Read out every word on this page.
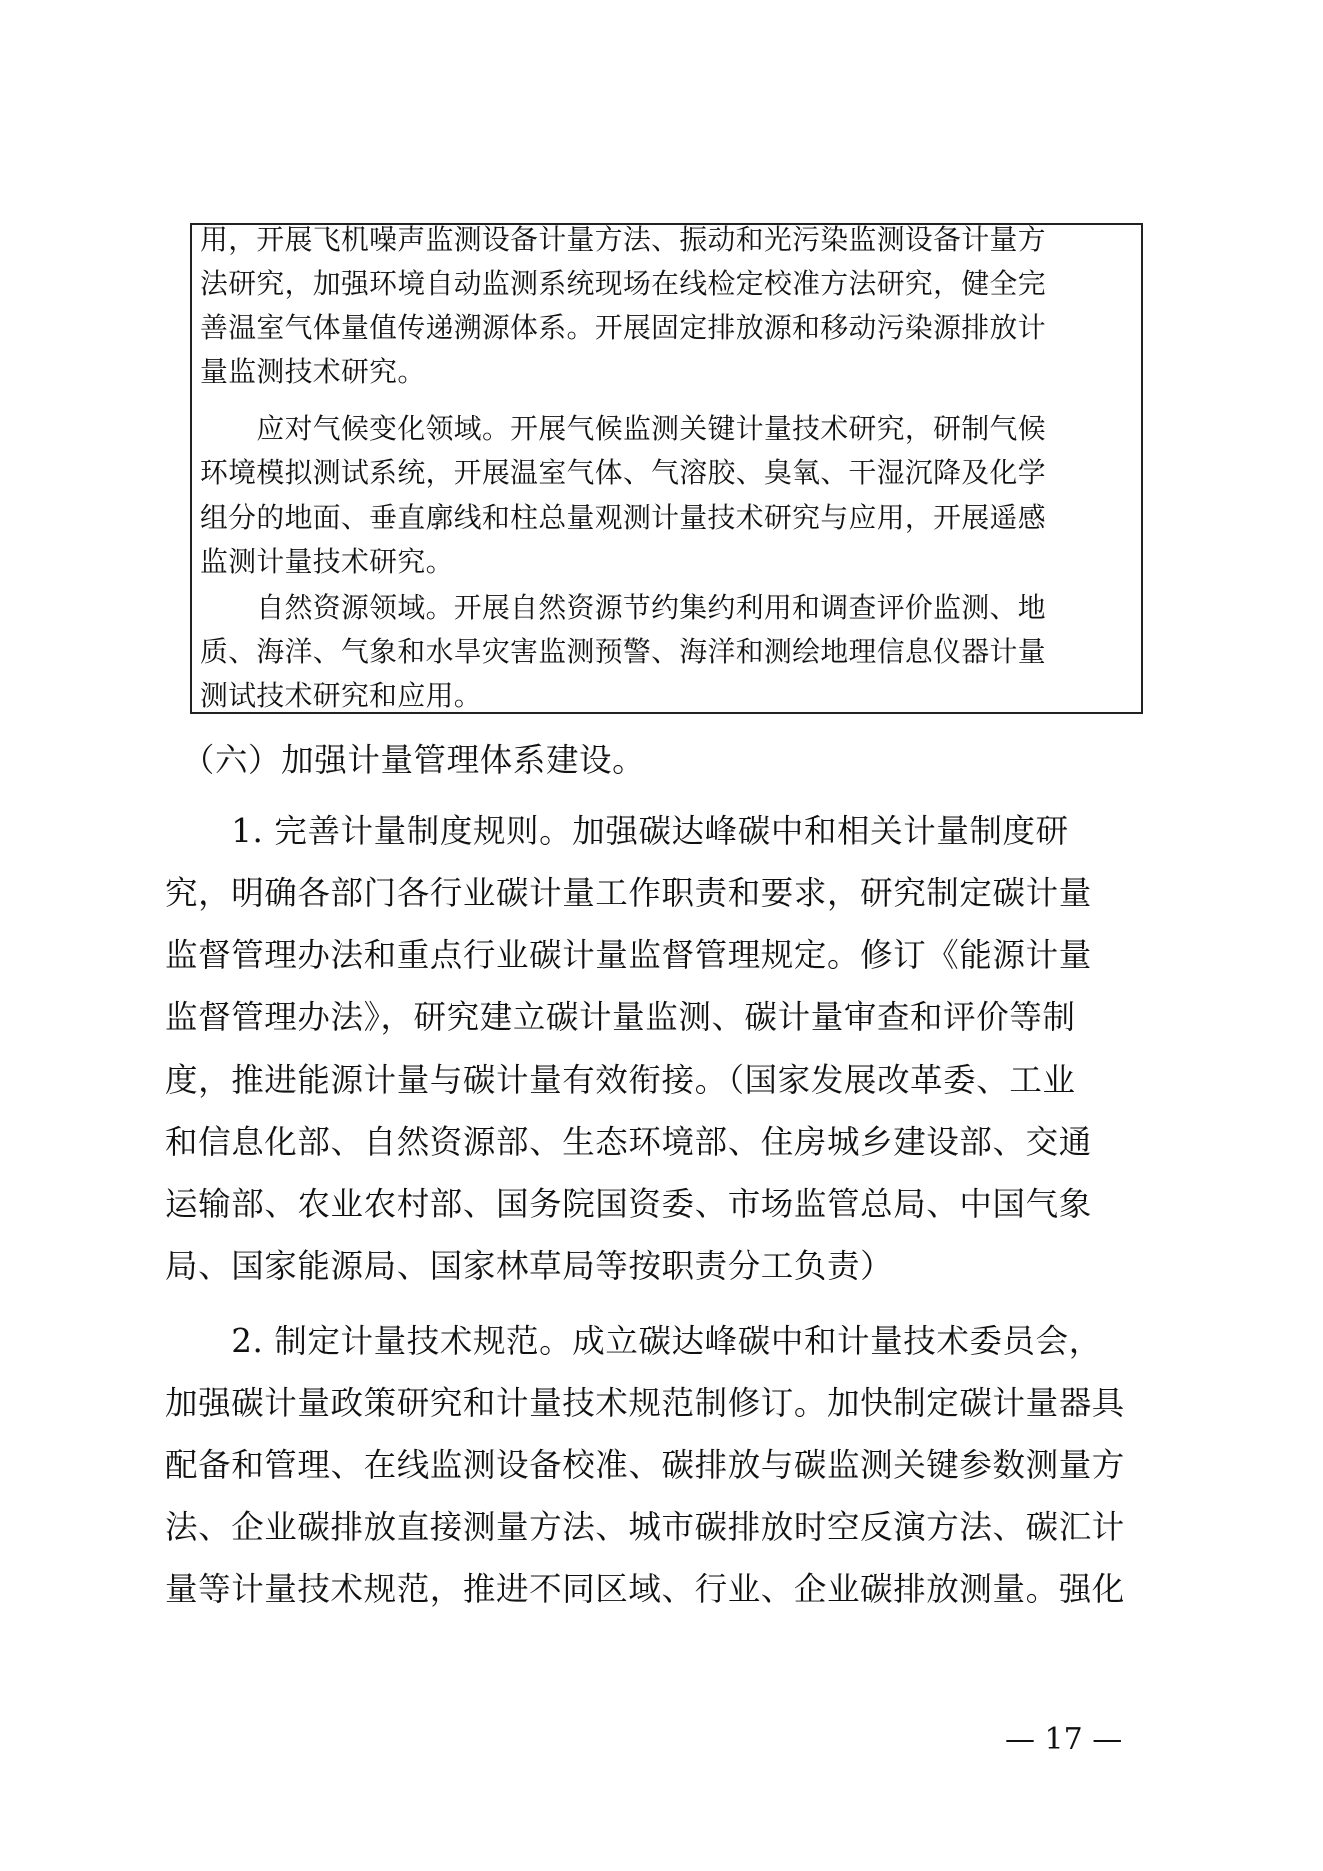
用，开展飞机噪声监测设备计量方法、振动和光污染监测设备计量方
法研究，加强环境自动监测系统现场在线检定校准方法研究，健全完
善温室气体量值传递溯源体系。开展固定排放源和移动污染源排放计
量监测技术研究。
　　应对气候变化领域。开展气候监测关键计量技术研究，研制气候
环境模拟测试系统，开展温室气体、气溶胶、臭氧、干湿沉降及化学
组分的地面、垂直廓线和柱总量观测计量技术研究与应用，开展遥感
监测计量技术研究。
　　自然资源领域。开展自然资源节约集约利用和调查评价监测、地
质、海洋、气象和水旱灾害监测预警、海洋和测绘地理信息仪器计量
测试技术研究和应用。
　（六）加强计量管理体系建设。
　　1. 完善计量制度规则。加强碳达峰碳中和相关计量制度研
究，明确各部门各行业碳计量工作职责和要求，研究制定碳计量
监督管理办法和重点行业碳计量监督管理规定。修订《能源计量
监督管理办法》，研究建立碳计量监测、碳计量审查和评价等制
度，推进能源计量与碳计量有效衔接。（国家发展改革委、工业
和信息化部、自然资源部、生态环境部、住房城乡建设部、交通
运输部、农业农村部、国务院国资委、市场监管总局、中国气象
局、国家能源局、国家林草局等按职责分工负责）
　　2. 制定计量技术规范。成立碳达峰碳中和计量技术委员会，
加强碳计量政策研究和计量技术规范制修订。加快制定碳计量器具
配备和管理、在线监测设备校准、碳排放与碳监测关键参数测量方
法、企业碳排放直接测量方法、城市碳排放时空反演方法、碳汇计
量等计量技术规范，推进不同区域、行业、企业碳排放测量。强化
— 17 —
